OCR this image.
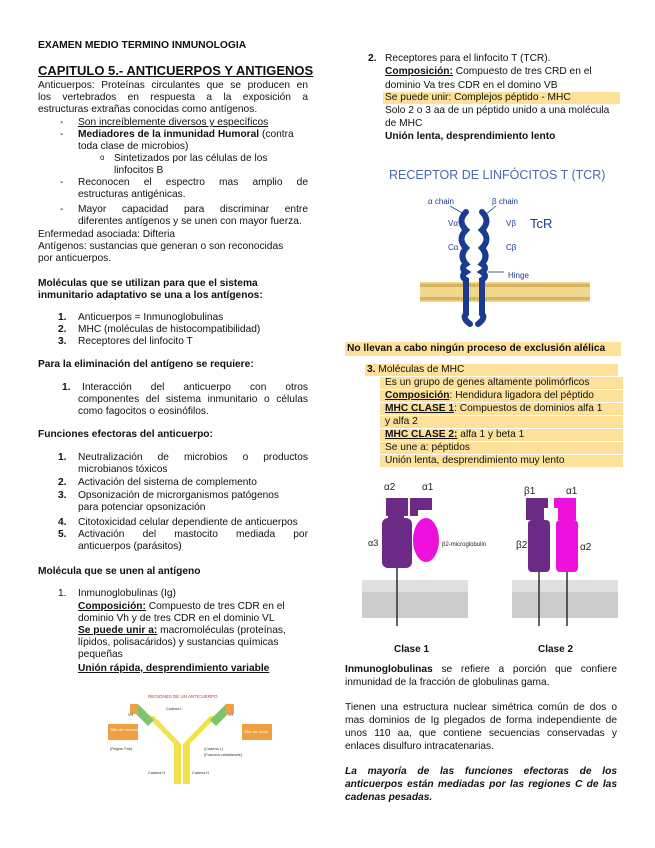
EXAMEN MEDIO TERMINO INMUNOLOGIA
CAPITULO 5.- ANTICUERPOS Y ANTIGENOS
Anticuerpos: Proteínas circulantes que se producen en
los vertebrados en respuesta a la exposición a
estructuras extrañas conocidas como antígenos.
- Son increíblemente diversos y específicos
- Mediadores de la inmunidad Humoral (contra
toda clase de microbios)
o Sintetizados por las células de los
linfocitos B
- Reconocen el espectro mas amplio de
estructuras antigénicas.
- Mayor capacidad para discriminar entre
diferentes antígenos y se unen con mayor fuerza.
Enfermedad asociada: Difteria
Antígenos: sustancias que generan o son reconocidas
por anticuerpos.
Moléculas que se utilizan para que el sistema
inmunitario adaptativo se una a los antígenos:
1. Anticuerpos = Inmunoglobulinas
2. MHC (moléculas de histocompatibilidad)
3. Receptores del linfocito T
Para la eliminación del antígeno se requiere:
1. Interacción del anticuerpo con otros
componentes del sistema inmunitario o células
como fagocitos o eosinófilos.
Funciones efectoras del anticuerpo:
1. Neutralización de microbios o productos
microbianos tóxicos
2. Activación del sistema de complemento
3. Opsonización de microrganismos patógenos
para potenciar opsonización
4. Citotoxicidad celular dependiente de anticuerpos
5. Activación del mastocito mediada por
anticuerpos (parásitos)
Molécula que se unen al antígeno
1. Inmunoglobulinas (Ig)
Composición: Compuesto de tres CDR en el
dominio Vh y de tres CDR en el dominio VL
Se puede unir a: macromoléculas (proteínas,
lípidos, polisacáridos) y sustancias químicas
pequeñas
Unión rápida, desprendimiento variable
REGIONES DE UN ANTICUERPO
Sitio de reconocimiento	Sitio de unión
Cadena L
VH	VH
(Región Fab)	(Cadena L)
(Fracción cristalizable)
Cadena H	Cadena H
2. Receptores para el linfocito T (TCR).
Composición: Compuesto de tres CRD en el
dominio Va tres CDR en el domino VB
Se puede unir: Complejos péptido - MHC
Solo 2 o 3 aa de un péptido unido a una molécula
de MHC
Unión lenta, desprendimiento lento
RECEPTOR DE LINFÓCITOS T (TCR)
α chain	β chain
Vα	Vβ
Cα	Cβ
TcR
Hinge
No llevan a cabo ningún proceso de exclusión alélica
3. Moléculas de MHC
Es un grupo de genes altamente polimórficos
Composición: Hendidura ligadora del péptido
MHC CLASE 1: Compuestos de dominios alfa 1
y alfa 2
MHC CLASE 2: alfa 1 y beta 1
Se une a: péptidos
Unión lenta, desprendimiento muy lento
α2	α1
α3	β2-microglobulin
β1	α1
β2	α2
Clase 1	Clase 2
Inmunoglobulinas se refiere a porción que confiere
inmunidad de la fracción de globulinas gama.
Tienen una estructura nuclear simétrica común de dos o
mas dominios de Ig plegados de forma independiente de
unos 110 aa, que contiene secuencias conservadas y
enlaces disulfuro intracatenarias.
La mayoría de las funciones efectoras de los
anticuerpos están mediadas por las regiones C de las
cadenas pesadas.
